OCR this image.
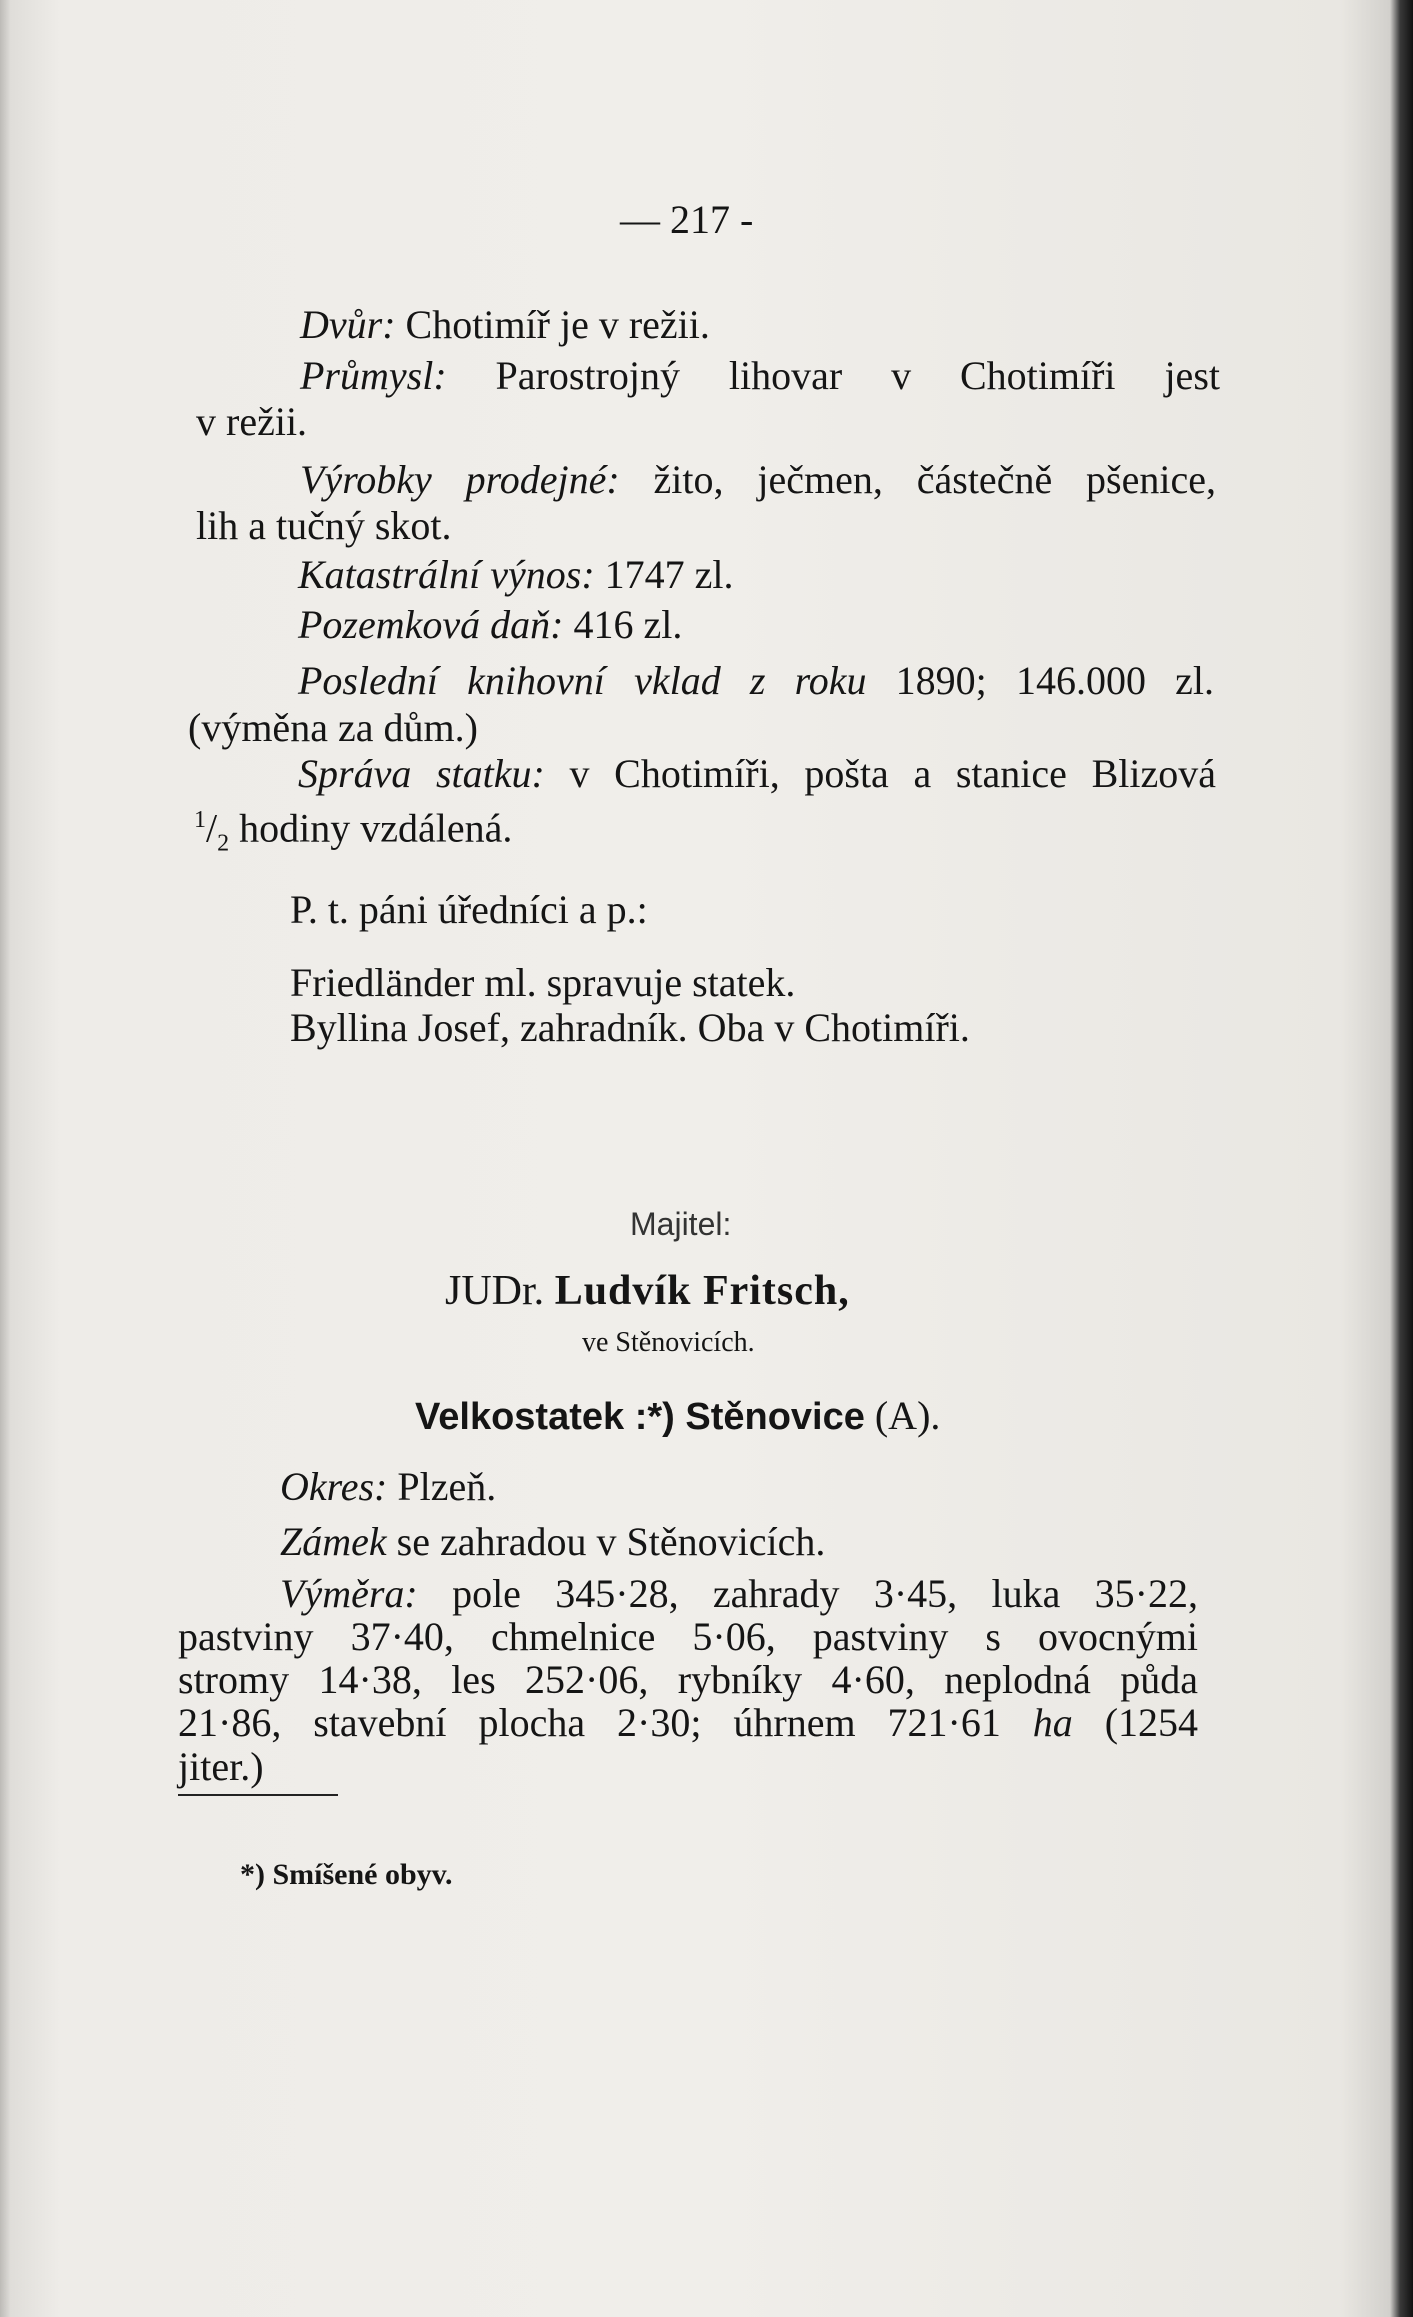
— 217 -
Dvůr: Chotimíř je v režii.
Průmysl: Parostrojný lihovar v Chotimíři jest
v režii.
Výrobky prodejné: žito, ječmen, částečně pšenice,
lih a tučný skot.
Katastrální výnos: 1747 zl.
Pozemková daň: 416 zl.
Poslední knihovní vklad z roku 1890; 146.000 zl.
(výměna za dům.)
Správa statku: v Chotimíři, pošta a stanice Blizová
$^1/_2$ hodiny vzdálená.
P. t. páni úředníci a p.:
Friedländer ml. spravuje statek.
Byllina Josef, zahradník. Oba v Chotimíři.
Majitel:
JUDr. Ludvík Fritsch,
ve Stěnovicích.
Velkostatek :*) Stěnovice (A).
Okres: Plzeň.
Zámek se zahradou v Stěnovicích.
Výměra: pole 345·28, zahrady 3·45, luka 35·22,
pastviny 37·40, chmelnice 5·06, pastviny s ovocnými
stromy 14·38, les 252·06, rybníky 4·60, neplodná půda
21·86, stavební plocha 2·30; úhrnem 721·61 ha (1254
jiter.)
*) Smíšené obyv.
